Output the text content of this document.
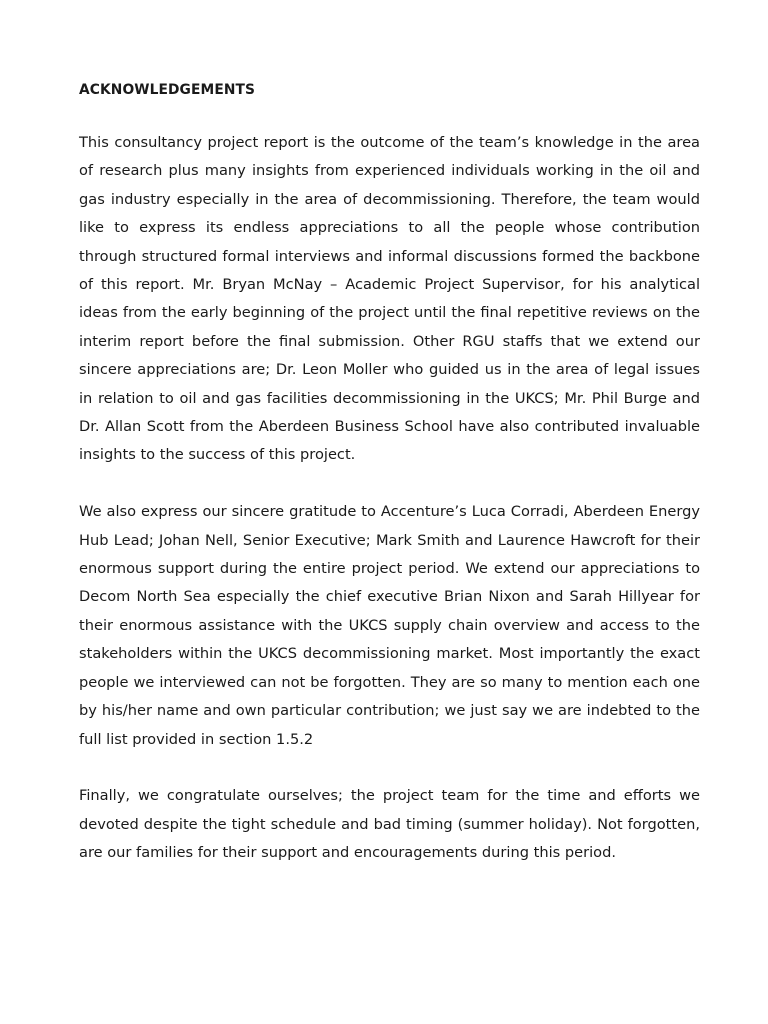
ACKNOWLEDGEMENTS

This consultancy project report is the outcome of the team’s knowledge in the area of research plus many insights from experienced individuals working in the oil and gas industry especially in the area of decommissioning. Therefore, the team would like to express its endless appreciations to all the people whose contribution through structured formal interviews and informal discussions formed the backbone of this report. Mr. Bryan McNay – Academic Project Supervisor, for his analytical ideas from the early beginning of the project until the final repetitive reviews on the interim report before the final submission. Other RGU staffs that we extend our sincere appreciations are; Dr. Leon Moller who guided us in the area of legal issues in relation to oil and gas facilities decommissioning in the UKCS; Mr. Phil Burge and Dr. Allan Scott from the Aberdeen Business School have also contributed invaluable insights to the success of this project.

We also express our sincere gratitude to Accenture’s Luca Corradi, Aberdeen Energy Hub Lead; Johan Nell, Senior Executive; Mark Smith and Laurence Hawcroft for their enormous support during the entire project period. We extend our appreciations to Decom North Sea especially the chief executive Brian Nixon and Sarah Hillyear for their enormous assistance with the UKCS supply chain overview and access to the stakeholders within the UKCS decommissioning market. Most importantly the exact people we interviewed can not be forgotten. They are so many to mention each one by his/her name and own particular contribution; we just say we are indebted to the full list provided in section 1.5.2

Finally, we congratulate ourselves; the project team for the time and efforts we devoted despite the tight schedule and bad timing (summer holiday). Not forgotten, are our families for their support and encouragements during this period.
